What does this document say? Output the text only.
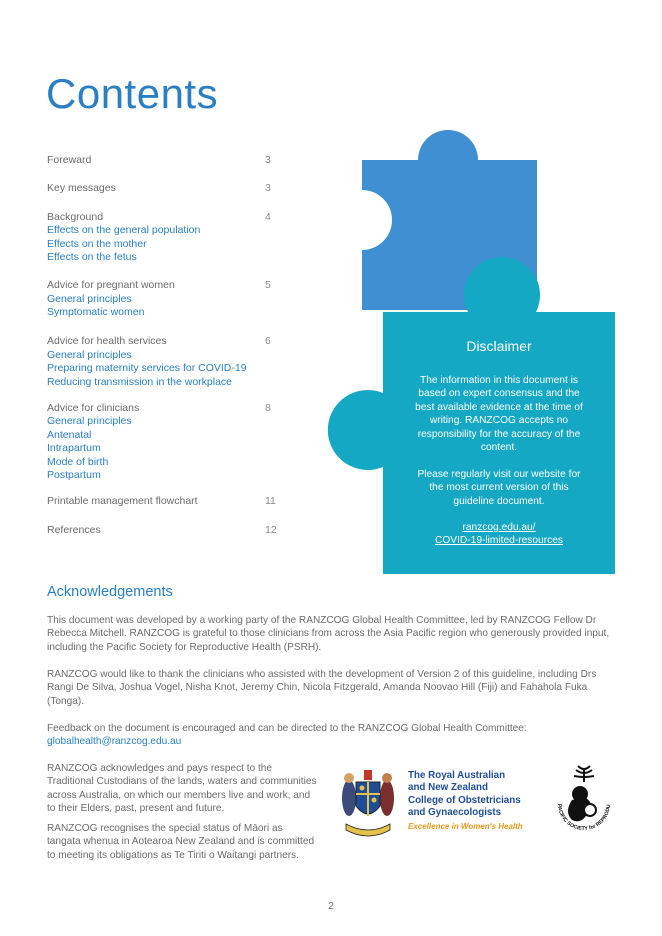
Contents
Foreward	3
Key messages	3
Background	4
Effects on the general population
Effects on the mother
Effects on the fetus
Advice for pregnant women	5
General principles
Symptomatic women
Advice for health services	6
General principles
Preparing maternity services for COVID-19
Reducing transmission in the workplace
Advice for clinicians	8
General principles
Antenatal
Intrapartum
Mode of birth
Postpartum
Printable management flowchart	11
References	12
Disclaimer
The information in this document is based on expert consensus and the best available evidence at the time of writing. RANZCOG accepts no responsibility for the accuracy of the content.
Please regularly visit our website for the most current version of this guideline document.
ranzcog.edu.au/
COVID-19-limited-resources
Acknowledgements

This document was developed by a working party of the RANZCOG Global Health Committee, led by RANZCOG Fellow Dr Rebecca Mitchell. RANZCOG is grateful to those clinicians from across the Asia Pacific region who generously provided input, including the Pacific Society for Reproductive Health (PSRH).

RANZCOG would like to thank the clinicians who assisted with the development of Version 2 of this guideline, including Drs Rangi De Silva, Joshua Vogel, Nisha Knot, Jeremy Chin, Nicola Fitzgerald, Amanda Noovao Hill (Fiji) and Fahahola Fuka (Tonga).

Feedback on the document is encouraged and can be directed to the RANZCOG Global Health Committee:
globalhealth@ranzcog.edu.au

RANZCOG acknowledges and pays respect to the Traditional Custodians of the lands, waters and communities across Australia, on which our members live and work, and to their Elders, past, present and future.

RANZCOG recognises the special status of Māori as tangata whenua in Aotearoa New Zealand and is committed to meeting its obligations as Te Tiriti o Waitangi partners.

The Royal Australian
and New Zealand
College of Obstetricians
and Gynaecologists
Excellence in Women's Health
PACIFIC SOCIETY for REPRODU
2
